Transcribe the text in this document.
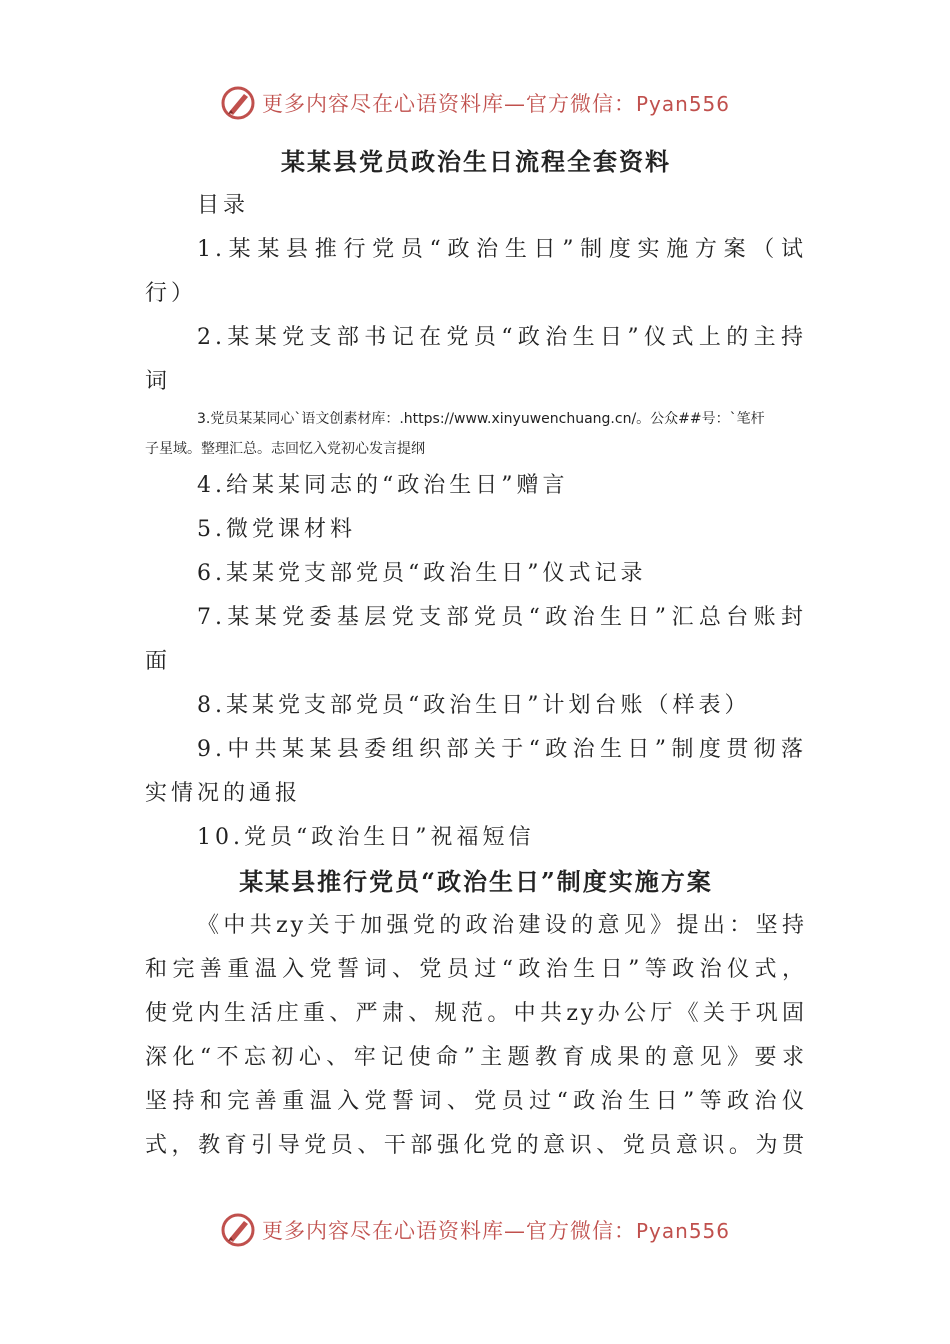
更多内容尽在心语资料库—官方微信：Pyan556
某某县党员政治生日流程全套资料
目录
1.某某县推行党员“政治生日”制度实施方案（试
行）
2.某某党支部书记在党员“政治生日”仪式上的主持
词
3.党员某某同心`语文创素材库：.https://www.xinyuwenchuang.cn/。公众##号：`笔杆
子星域。整理汇总。志回忆入党初心发言提纲
4.给某某同志的“政治生日”赠言
5.微党课材料
6.某某党支部党员“政治生日”仪式记录
7.某某党委基层党支部党员“政治生日”汇总台账封
面
8.某某党支部党员“政治生日”计划台账（样表）
9.中共某某县委组织部关于“政治生日”制度贯彻落
实情况的通报
10.党员“政治生日”祝福短信
某某县推行党员“政治生日”制度实施方案
《中共zy关于加强党的政治建设的意见》提出：坚持
和完善重温入党誓词、党员过“政治生日”等政治仪式，
使党内生活庄重、严肃、规范。中共zy办公厅《关于巩固
深化“不忘初心、牢记使命”主题教育成果的意见》要求
坚持和完善重温入党誓词、党员过“政治生日”等政治仪
式，教育引导党员、干部强化党的意识、党员意识。为贯
更多内容尽在心语资料库—官方微信：Pyan556
